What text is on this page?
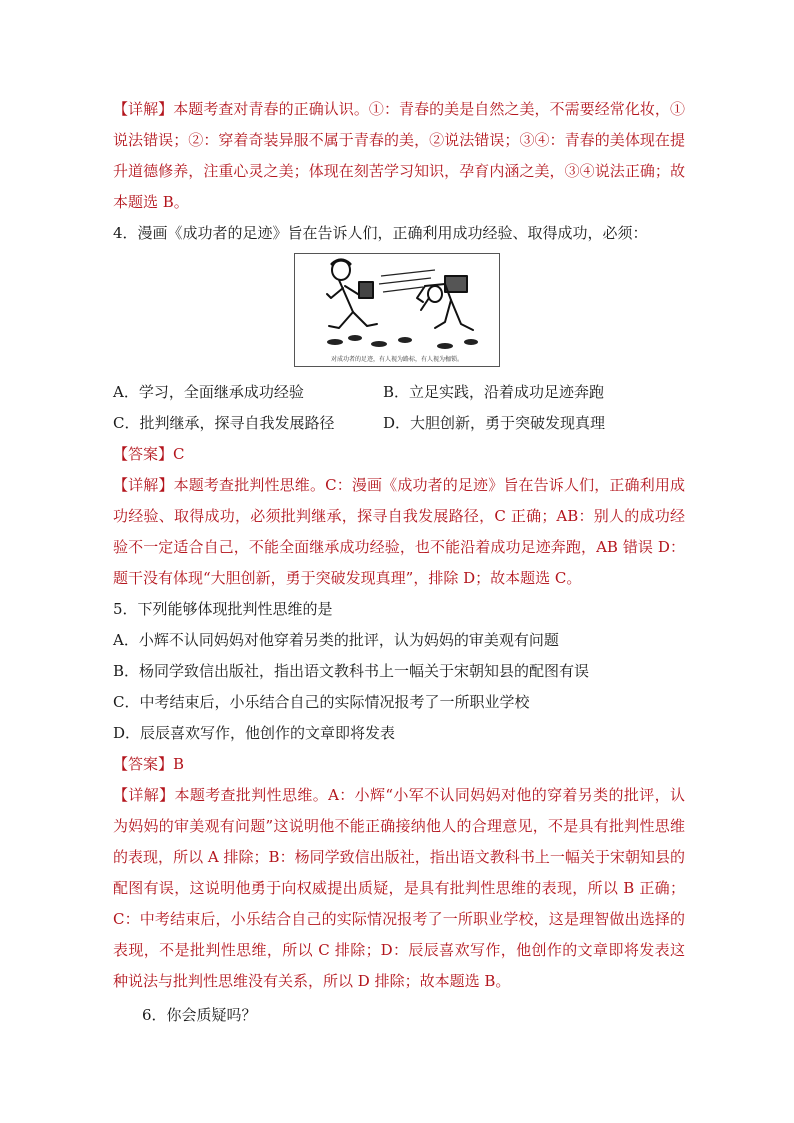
【详解】本题考查对青春的正确认识。①：青春的美是自然之美，不需要经常化妆，①说法错误；②：穿着奇装异服不属于青春的美，②说法错误；③④：青春的美体现在提升道德修养，注重心灵之美；体现在刻苦学习知识，孕育内涵之美，③④说法正确；故本题选 B。

4．漫画《成功者的足迹》旨在告诉人们，正确利用成功经验、取得成功，必须：

对成功者的足迹，有人视为路标，有人视为枷锁。

A．学习，全面继承成功经验	B．立足实践，沿着成功足迹奔跑

C．批判继承，探寻自我发展路径	D．大胆创新，勇于突破发现真理

【答案】C

【详解】本题考查批判性思维。C：漫画《成功者的足迹》旨在告诉人们，正确利用成功经验、取得成功，必须批判继承，探寻自我发展路径，C 正确；AB：别人的成功经验不一定适合自己，不能全面继承成功经验，也不能沿着成功足迹奔跑，AB 错误 D：题干没有体现“大胆创新，勇于突破发现真理”，排除 D；故本题选 C。

5．下列能够体现批判性思维的是

A．小辉不认同妈妈对他穿着另类的批评，认为妈妈的审美观有问题

B．杨同学致信出版社，指出语文教科书上一幅关于宋朝知县的配图有误

C．中考结束后，小乐结合自己的实际情况报考了一所职业学校

D．辰辰喜欢写作，他创作的文章即将发表

【答案】B

【详解】本题考查批判性思维。A：小辉“小军不认同妈妈对他的穿着另类的批评，认为妈妈的审美观有问题”这说明他不能正确接纳他人的合理意见，不是具有批判性思维的表现，所以 A 排除；B：杨同学致信出版社，指出语文教科书上一幅关于宋朝知县的配图有误，这说明他勇于向权威提出质疑，是具有批判性思维的表现，所以 B 正确；C：中考结束后，小乐结合自己的实际情况报考了一所职业学校，这是理智做出选择的表现，不是批判性思维，所以 C 排除；D：辰辰喜欢写作，他创作的文章即将发表这种说法与批判性思维没有关系，所以 D 排除；故本题选 B。

6．你会质疑吗？
